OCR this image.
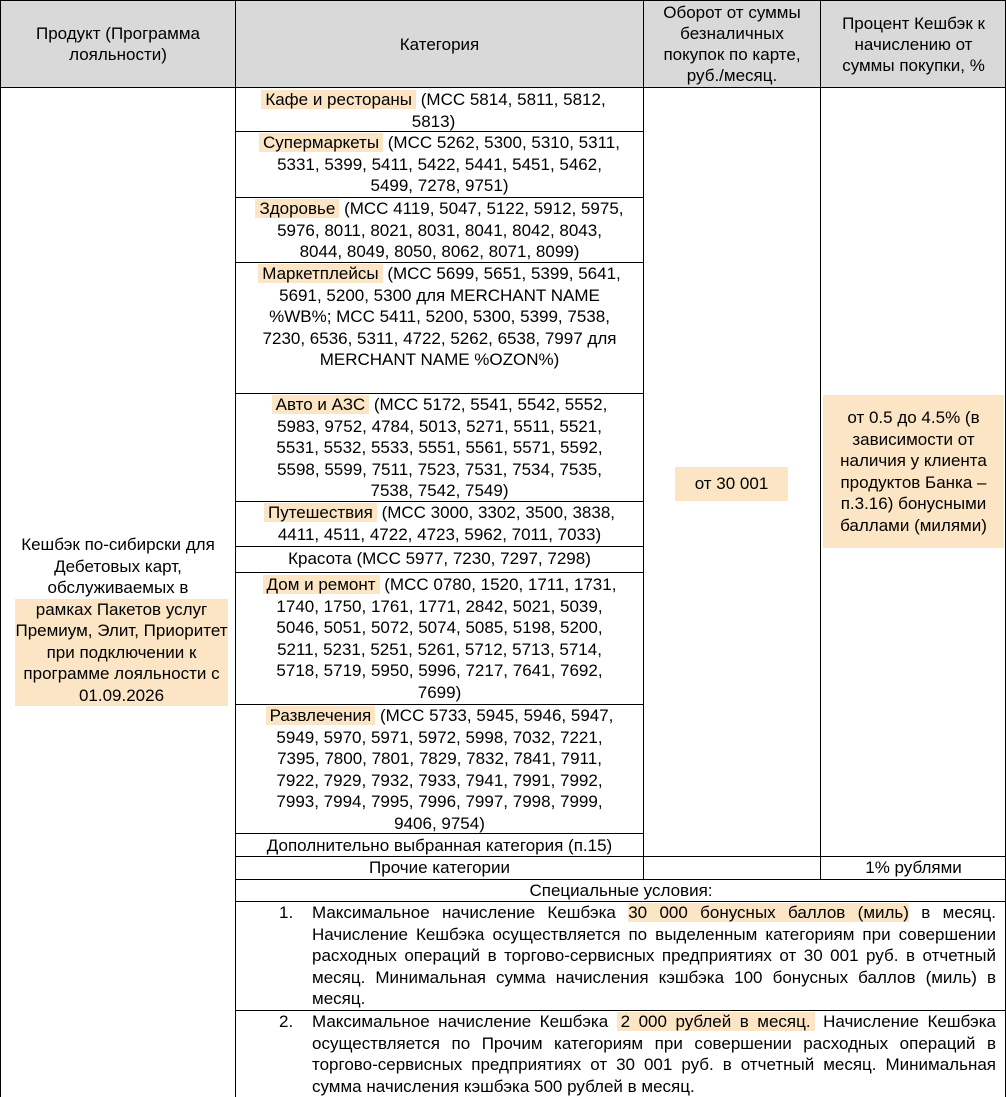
Продукт (Программа лояльности)
Категория
Оборот от суммы безналичных покупок по карте, руб./месяц.
Процент Кешбэк к начислению от суммы покупки, %
Кешбэк по-сибирски для Дебетовых карт, обслуживаемых в
рамках Пакетов услуг Премиум, Элит, Приоритет при подключении к программе лояльности с 01.09.2026
Кафе и рестораны (MCC 5814, 5811, 5812, 5813)
Супермаркеты (MCC 5262, 5300, 5310, 5311, 5331, 5399, 5411, 5422, 5441, 5451, 5462, 5499, 7278, 9751)
Здоровье (MCC 4119, 5047, 5122, 5912, 5975, 5976, 8011, 8021, 8031, 8041, 8042, 8043, 8044, 8049, 8050, 8062, 8071, 8099)
Маркетплейсы (MCC 5699, 5651, 5399, 5641, 5691, 5200, 5300 для MERCHANT NAME %WB%; MCC 5411, 5200, 5300, 5399, 7538, 7230, 6536, 5311, 4722, 5262, 6538, 7997 для MERCHANT NAME %OZON%)
Авто и АЗС (MCC 5172, 5541, 5542, 5552, 5983, 9752, 4784, 5013, 5271, 5511, 5521, 5531, 5532, 5533, 5551, 5561, 5571, 5592, 5598, 5599, 7511, 7523, 7531, 7534, 7535, 7538, 7542, 7549)
Путешествия (MCC 3000, 3302, 3500, 3838, 4411, 4511, 4722, 4723, 5962, 7011, 7033)
Красота (MCC 5977, 7230, 7297, 7298)
Дом и ремонт (MCC 0780, 1520, 1711, 1731, 1740, 1750, 1761, 1771, 2842, 5021, 5039, 5046, 5051, 5072, 5074, 5085, 5198, 5200, 5211, 5231, 5251, 5261, 5712, 5713, 5714, 5718, 5719, 5950, 5996, 7217, 7641, 7692, 7699)
Развлечения (MCC 5733, 5945, 5946, 5947, 5949, 5970, 5971, 5972, 5998, 7032, 7221, 7395, 7800, 7801, 7829, 7832, 7841, 7911, 7922, 7929, 7932, 7933, 7941, 7991, 7992, 7993, 7994, 7995, 7996, 7997, 7998, 7999, 9406, 9754)
Дополнительно выбранная категория (п.15)
Прочие категории
от 30 001
от 0.5 до 4.5% (в зависимости от наличия у клиента продуктов Банка – п.3.16) бонусными баллами (милями)
1% рублями
Специальные условия:
1. Максимальное начисление Кешбэка 30 000 бонусных баллов (миль) в месяц. Начисление Кешбэка осуществляется по выделенным категориям при совершении расходных операций в торгово-сервисных предприятиях от 30 001 руб. в отчетный месяц. Минимальная сумма начисления кэшбэка 100 бонусных баллов (миль) в месяц.
2. Максимальное начисление Кешбэка 2 000 рублей в месяц. Начисление Кешбэка осуществляется по Прочим категориям при совершении расходных операций в торгово-сервисных предприятиях от 30 001 руб. в отчетный месяц. Минимальная сумма начисления кэшбэка 500 рублей в месяц.
